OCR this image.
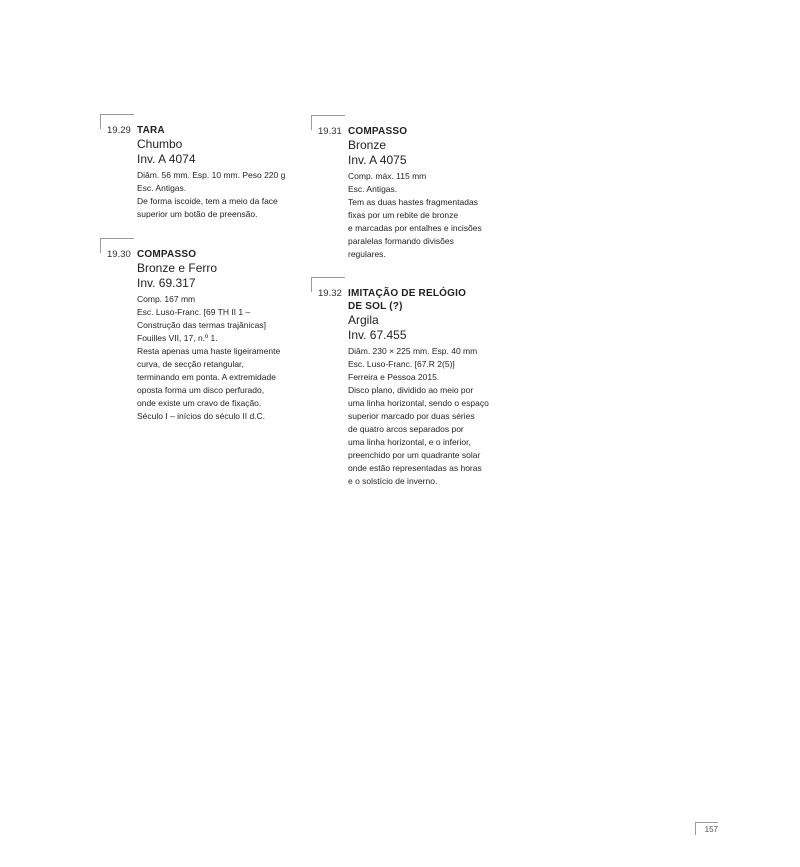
19.29 TARA
Chumbo
Inv. A 4074
Diâm. 56 mm. Esp. 10 mm. Peso 220 g
Esc. Antigas.
De forma iscoide, tem a meio da face
superior um botão de preensão.
19.30 COMPASSO
Bronze e Ferro
Inv. 69.317
Comp. 167 mm
Esc. Luso-Franc. [69 TH II 1 –
Construção das termas trajânicas]
Fouilles VII, 17, n.º 1.
Resta apenas uma haste ligeiramente
curva, de secção retangular,
terminando em ponta. A extremidade
oposta forma um disco perfurado,
onde existe um cravo de fixação.
Século I – inícios do século II d.C.
19.31 COMPASSO
Bronze
Inv. A 4075
Comp. máx. 115 mm
Esc. Antigas.
Tem as duas hastes fragmentadas
fixas por um rebite de bronze
e marcadas por entalhes e incisões
paralelas formando divisões
regulares.
19.32 IMITAÇÃO DE RELÓGIO
DE SOL (?)
Argila
Inv. 67.455
Diâm. 230 × 225 mm. Esp. 40 mm
Esc. Luso-Franc. [67.R 2(5)]
Ferreira e Pessoa 2015.
Disco plano, dividido ao meio por
uma linha horizontal, sendo o espaço
superior marcado por duas séries
de quatro arcos separados por
uma linha horizontal, e o inferior,
preenchido por um quadrante solar
onde estão representadas as horas
e o solstício de inverno.
157
